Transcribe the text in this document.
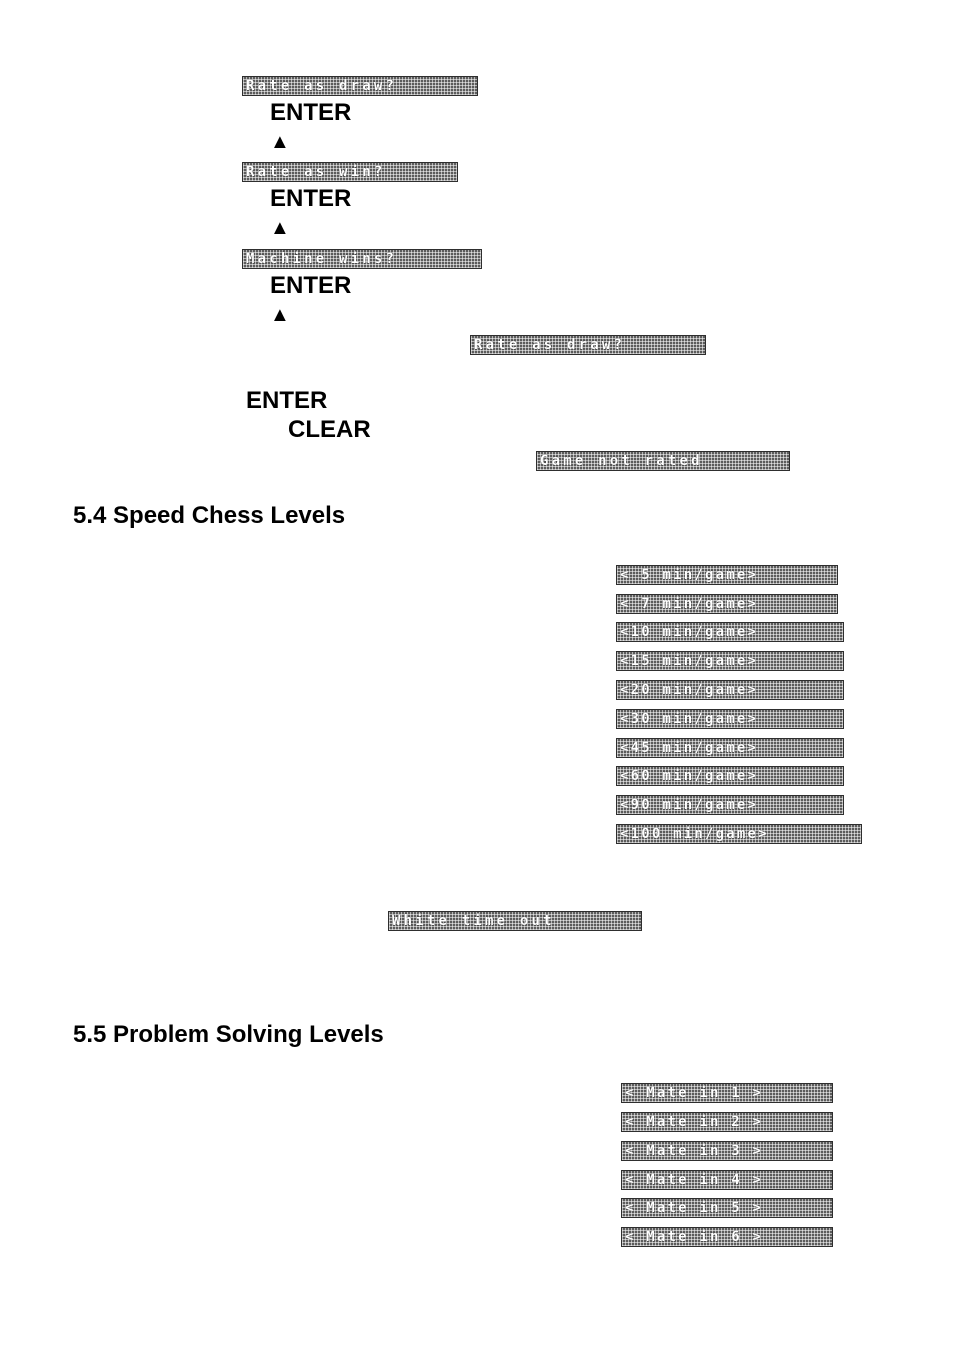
Rate as draw?
ENTER
▲
Rate as win?
ENTER
▲
Machine wins?
ENTER
▲
Rate as draw?
ENTER
CLEAR
Game not rated
5.4 Speed Chess Levels
< 5 min/game>
< 7 min/game>
<10 min/game>
<15 min/game>
<20 min/game>
<30 min/game>
<45 min/game>
<60 min/game>
<90 min/game>
<100 min/game>
White time out
5.5 Problem Solving Levels
< Mate in 1 >
< Mate in 2 >
< Mate in 3 >
< Mate in 4 >
< Mate in 5 >
< Mate in 6 >
